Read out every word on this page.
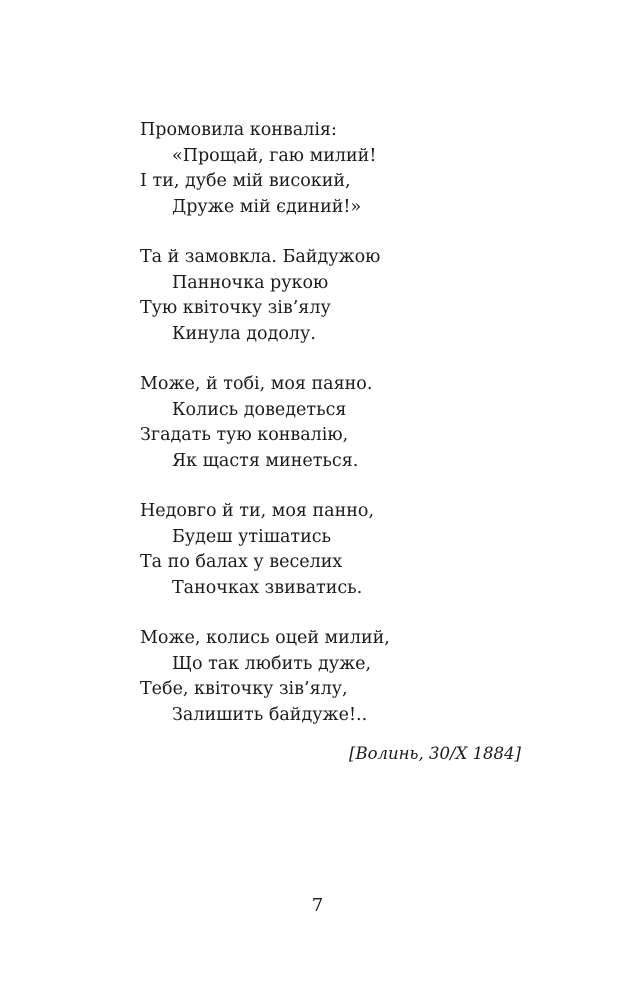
Промовила конвалія:
«Прощай, гаю милий!
І ти, дубе мій високий,
Друже мій єдиний!»
Та й замовкла. Байдужою
Панночка рукою
Тую квіточку зів’ялу
Кинула додолу.
Може, й тобі, моя паяно.
Колись доведеться
Згадать тую конвалію,
Як щастя минеться.
Недовго й ти, моя панно,
Будеш утішатись
Та по балах у веселих
Таночках звиватись.
Може, колись оцей милий,
Що так любить дуже,
Тебе, квіточку зів’ялу,
Залишить байдуже!..
[Волинь, 30/X 1884]
7
